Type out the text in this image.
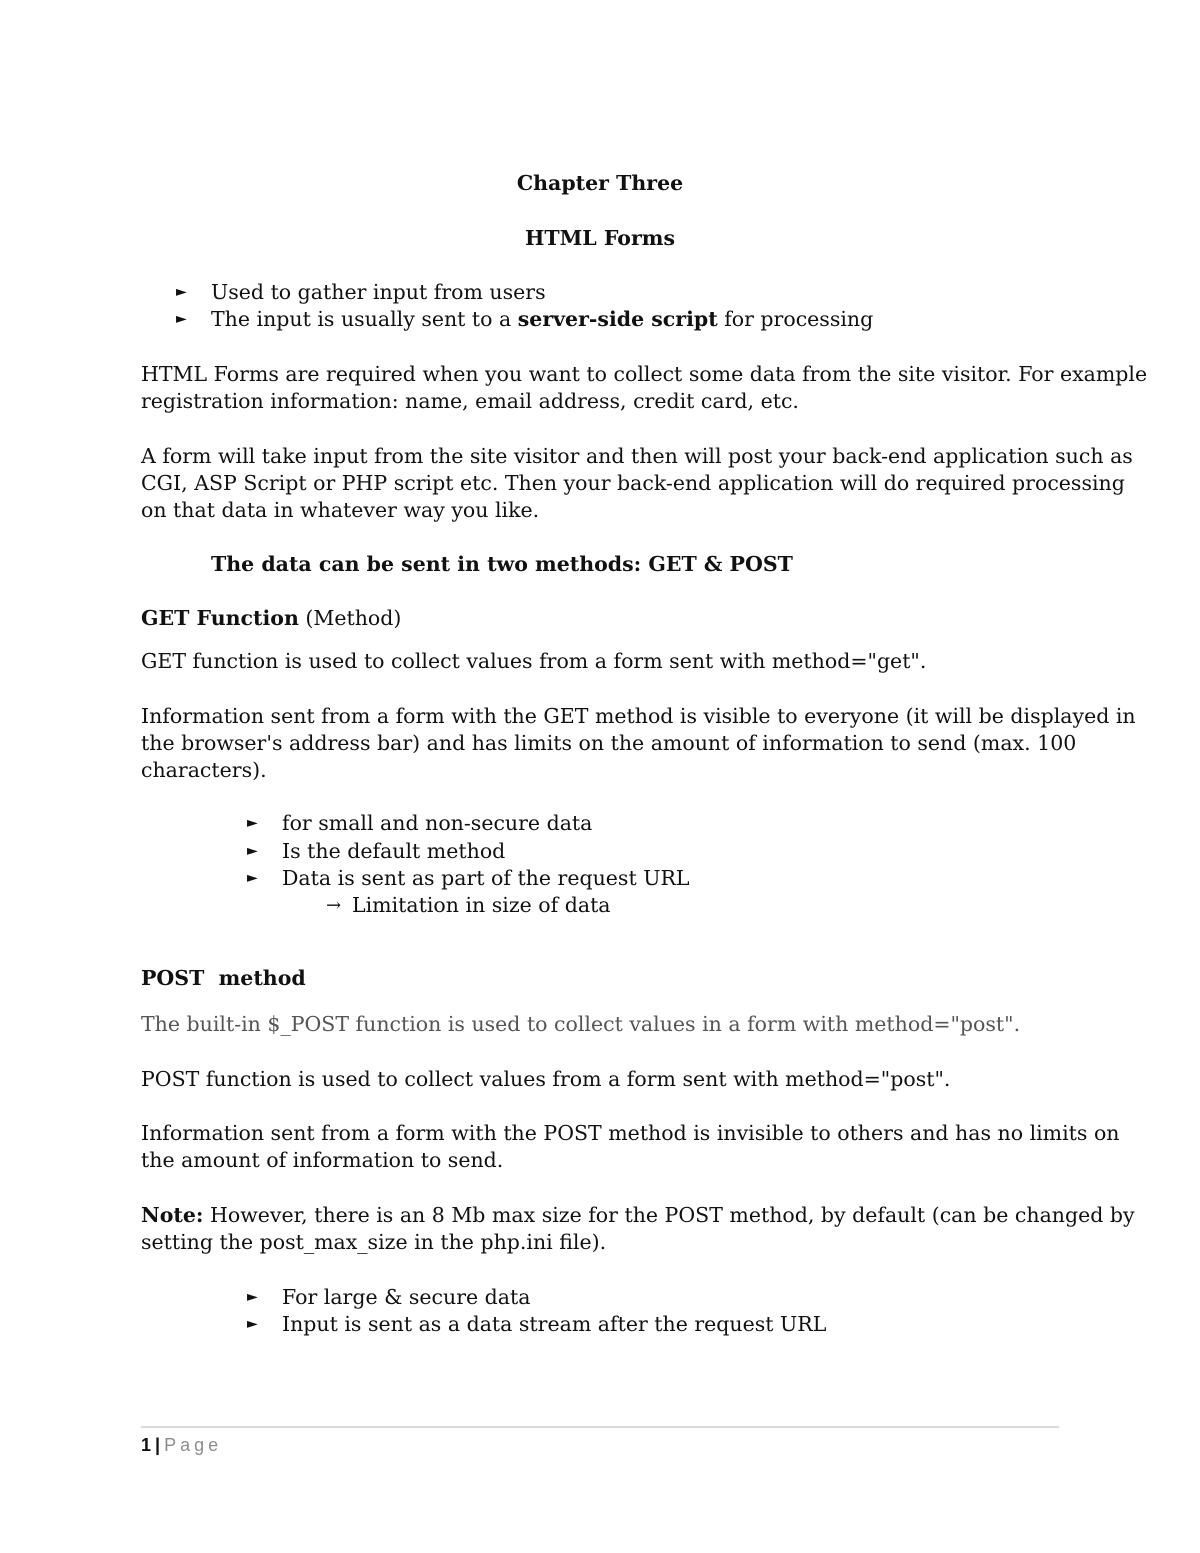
Chapter Three
HTML Forms
► Used to gather input from users
► The input is usually sent to a server-side script for processing
HTML Forms are required when you want to collect some data from the site visitor. For example
registration information: name, email address, credit card, etc.
A form will take input from the site visitor and then will post your back-end application such as
CGI, ASP Script or PHP script etc. Then your back-end application will do required processing
on that data in whatever way you like.
The data can be sent in two methods: GET & POST
GET Function (Method)
GET function is used to collect values from a form sent with method="get".
Information sent from a form with the GET method is visible to everyone (it will be displayed in
the browser's address bar) and has limits on the amount of information to send (max. 100
characters).
► for small and non-secure data
► Is the default method
► Data is sent as part of the request URL
→ Limitation in size of data
POST  method
The built-in $_POST function is used to collect values in a form with method="post".
POST function is used to collect values from a form sent with method="post".
Information sent from a form with the POST method is invisible to others and has no limits on
the amount of information to send.
Note: However, there is an 8 Mb max size for the POST method, by default (can be changed by
setting the post_max_size in the php.ini file).
► For large & secure data
► Input is sent as a data stream after the request URL
1 | Page
